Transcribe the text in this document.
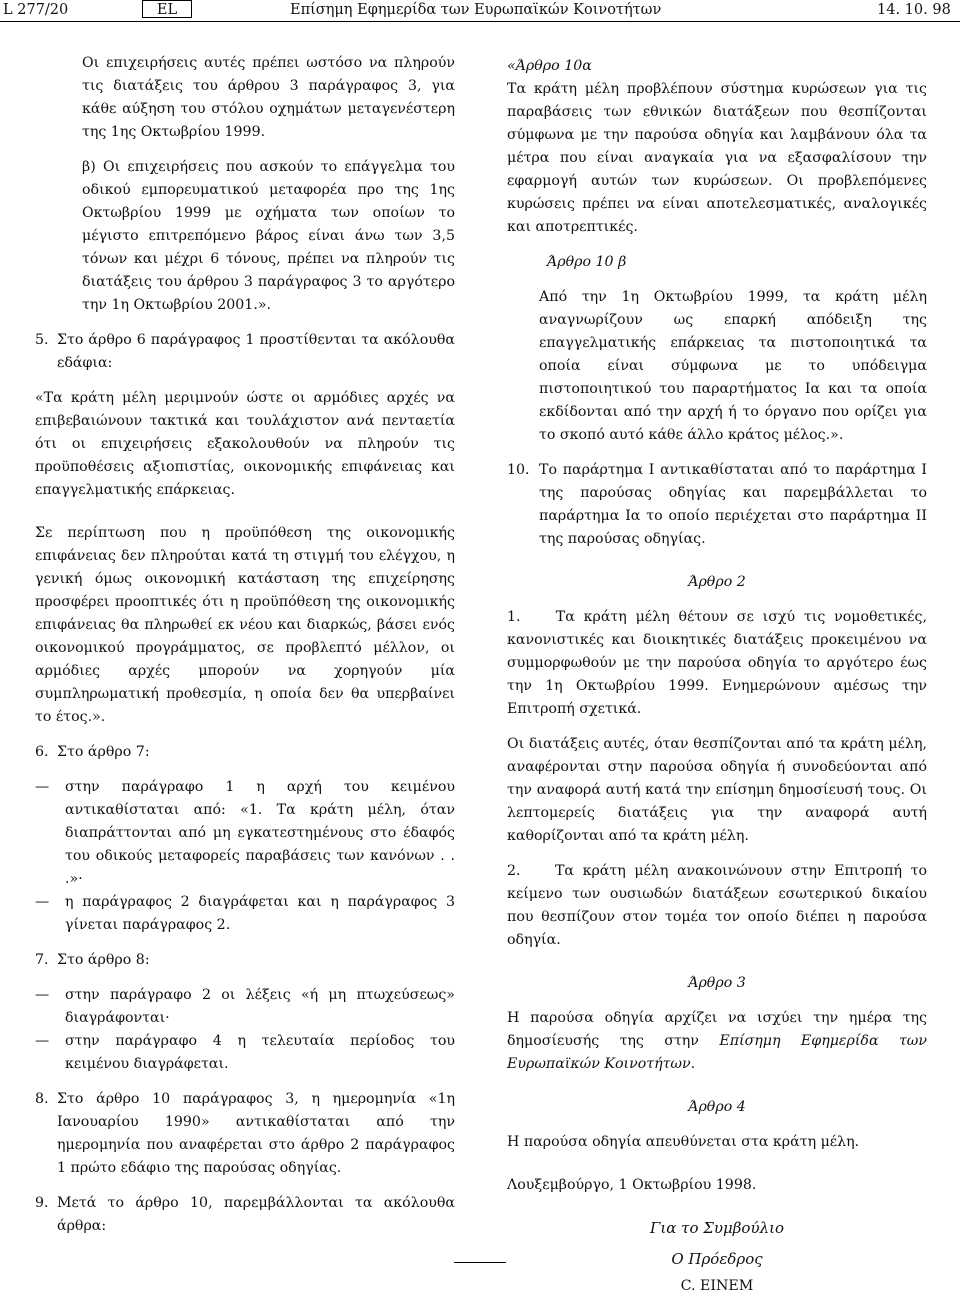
L 277/20	EL	Επίσημη Εφημερίδα των Ευρωπαϊκών Κοινοτήτων	14. 10. 98

Οι επιχειρήσεις αυτές πρέπει ωστόσο να πληρούν τις διατάξεις του άρθρου 3 παράγραφος 3, για κάθε αύξηση του στόλου οχημάτων μεταγενέστερη της 1ης Οκτωβρίου 1999.

β) Οι επιχειρήσεις που ασκούν το επάγγελμα του οδικού εμπορευματικού μεταφορέα προ της 1ης Οκτωβρίου 1999 με οχήματα των οποίων το μέγιστο επιτρεπόμενο βάρος είναι άνω των 3,5 τόνων και μέχρι 6 τόνους, πρέπει να πληρούν τις διατάξεις του άρθρου 3 παράγραφος 3 το αργότερο την 1η Οκτωβρίου 2001.».

5. Στο άρθρο 6 παράγραφος 1 προστίθενται τα ακόλουθα εδάφια:

«Τα κράτη μέλη μεριμνούν ώστε οι αρμόδιες αρχές να επιβεβαιώνουν τακτικά και τουλάχιστον ανά πενταετία ότι οι επιχειρήσεις εξακολουθούν να πληρούν τις προϋποθέσεις αξιοπιστίας, οικονομικής επιφάνειας και επαγγελματικής επάρκειας.

Σε περίπτωση που η προϋπόθεση της οικονομικής επιφάνειας δεν πληρούται κατά τη στιγμή του ελέγχου, η γενική όμως οικονομική κατάσταση της επιχείρησης προσφέρει προοπτικές ότι η προϋπόθεση της οικονομικής επιφάνειας θα πληρωθεί εκ νέου και διαρκώς, βάσει ενός οικονομικού προγράμματος, σε προβλεπτό μέλλον, οι αρμόδιες αρχές μπορούν να χορηγούν μία συμπληρωματική προθεσμία, η οποία δεν θα υπερβαίνει το έτος.».

6. Στο άρθρο 7:

— στην παράγραφο 1 η αρχή του κειμένου αντικαθίσταται από: «1. Τα κράτη μέλη, όταν διαπράττονται από μη εγκατεστημένους στο έδαφός του οδικούς μεταφορείς παραβάσεις των κανόνων . . .»·

— η παράγραφος 2 διαγράφεται και η παράγραφος 3 γίνεται παράγραφος 2.

7. Στο άρθρο 8:

— στην παράγραφο 2 οι λέξεις «ή μη πτωχεύσεως» διαγράφονται·

— στην παράγραφο 4 η τελευταία περίοδος του κειμένου διαγράφεται.

8. Στο άρθρο 10 παράγραφος 3, η ημερομηνία «1η Ιανουαρίου 1990» αντικαθίσταται από την ημερομηνία που αναφέρεται στο άρθρο 2 παράγραφος 1 πρώτο εδάφιο της παρούσας οδηγίας.

9. Μετά το άρθρο 10, παρεμβάλλονται τα ακόλουθα άρθρα:

«Άρθρο 10α

Τα κράτη μέλη προβλέπουν σύστημα κυρώσεων για τις παραβάσεις των εθνικών διατάξεων που θεσπίζονται σύμφωνα με την παρούσα οδηγία και λαμβάνουν όλα τα μέτρα που είναι αναγκαία για να εξασφαλίσουν την εφαρμογή αυτών των κυρώσεων. Οι προβλεπόμενες κυρώσεις πρέπει να είναι αποτελεσματικές, αναλογικές και αποτρεπτικές.

Άρθρο 10 β

Από την 1η Οκτωβρίου 1999, τα κράτη μέλη αναγνωρίζουν ως επαρκή απόδειξη της επαγγελματικής επάρκειας τα πιστοποιητικά τα οποία είναι σύμφωνα με το υπόδειγμα πιστοποιητικού του παραρτήματος Ια και τα οποία εκδίδονται από την αρχή ή το όργανο που ορίζει για το σκοπό αυτό κάθε άλλο κράτος μέλος.».

10. Το παράρτημα Ι αντικαθίσταται από το παράρτημα Ι της παρούσας οδηγίας και παρεμβάλλεται το παράρτημα Ια το οποίο περιέχεται στο παράρτημα ΙΙ της παρούσας οδηγίας.

Άρθρο 2

1. Τα κράτη μέλη θέτουν σε ισχύ τις νομοθετικές, κανονιστικές και διοικητικές διατάξεις προκειμένου να συμμορφωθούν με την παρούσα οδηγία το αργότερο έως την 1η Οκτωβρίου 1999. Ενημερώνουν αμέσως την Επιτροπή σχετικά.

Οι διατάξεις αυτές, όταν θεσπίζονται από τα κράτη μέλη, αναφέρονται στην παρούσα οδηγία ή συνοδεύονται από την αναφορά αυτή κατά την επίσημη δημοσίευσή τους. Οι λεπτομερείς διατάξεις για την αναφορά αυτή καθορίζονται από τα κράτη μέλη.

2. Τα κράτη μέλη ανακοινώνουν στην Επιτροπή το κείμενο των ουσιωδών διατάξεων εσωτερικού δικαίου που θεσπίζουν στον τομέα τον οποίο διέπει η παρούσα οδηγία.

Άρθρο 3

Η παρούσα οδηγία αρχίζει να ισχύει την ημέρα της δημοσίευσής της στην Επίσημη Εφημερίδα των Ευρωπαϊκών Κοινοτήτων.

Άρθρο 4

Η παρούσα οδηγία απευθύνεται στα κράτη μέλη.

Λουξεμβούργο, 1 Οκτωβρίου 1998.

Για το Συμβούλιο

Ο Πρόεδρος

C. EINEM
